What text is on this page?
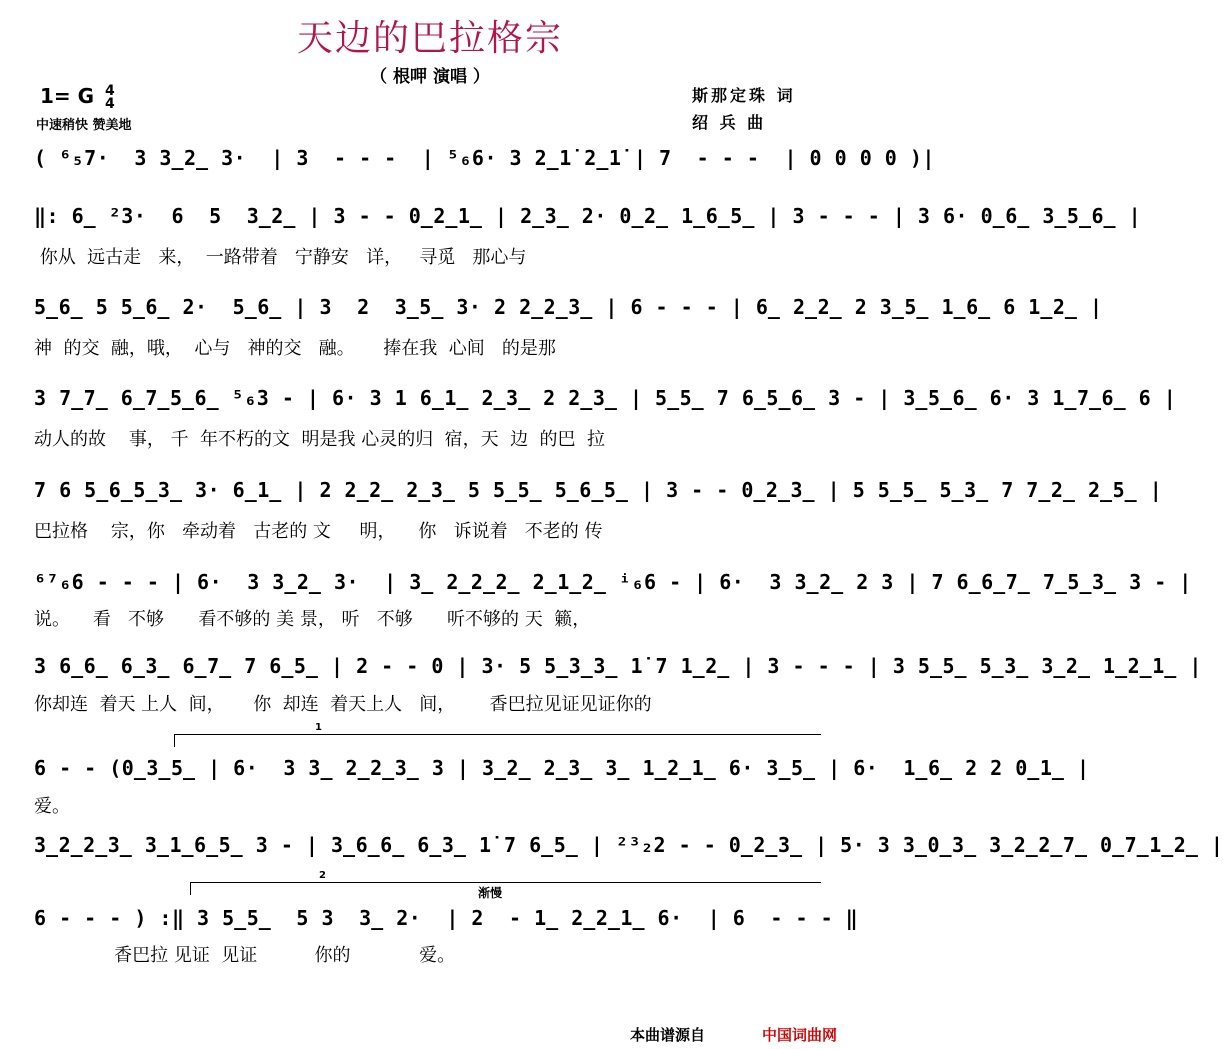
天边的巴拉格宗
（ 根呷 演唱 ）
1= G 4
4
中速稍快 赞美地
斯那定珠 词
绍 兵 曲
( ⁶₅7·  3 3̲2̲ 3·  | 3  - - -  | ⁵₆6· 3 2̲1̇ 2̲1̇ | 7  - - -  | 0 0 0 0 )|
‖: 6̲ ²3·  6  5  3̲2̲ | 3 - - 0̲2̲1̲ | 2̲3̲ 2· 0̲2̲ 1̲6̲5̲ | 3 - - - | 3 6· 0̲6̲ 3̲5̲6̲ |
你从  远古走   来，  一路带着   宁静安   详，   寻觅   那心与
5̲6̲ 5 5̲6̲ 2·  5̲6̲ | 3  2  3̲5̲ 3· 2 2̲2̲3̲ | 6 - - - | 6̲ 2̲2̲ 2 3̲5̲ 1̲6̲ 6 1̲2̲ |
神  的交  融，哦，  心与   神的交   融。     捧在我  心间   的是那
3 7̲7̲ 6̲7̲5̲6̲ ⁵₆3 - | 6· 3 1 6̲1̲ 2̲3̲ 2 2̲3̲ | 5̲5̲ 7 6̲5̲6̲ 3 - | 3̲5̲6̲ 6· 3 1̲7̲6̲ 6 |
动人的故    事， 千  年不朽的文  明是我 心灵的归  宿，天  边  的巴  拉
7 6 5̲6̲5̲3̲ 3· 6̲1̲ | 2 2̲2̲ 2̲3̲ 5 5̲5̲ 5̲6̲5̲ | 3 - - 0̲2̲3̲ | 5 5̲5̲ 5̲3̲ 7 7̲2̲ 2̲5̲ |
巴拉格    宗，你   牵动着   古老的 文     明，    你   诉说着   不老的 传
⁶⁷₆6 - - - | 6·  3 3̲2̲ 3·  | 3̲ 2̲2̲2̲ 2̲1̲2̲ ⁱ₆6 - | 6·  3 3̲2̲ 2 3 | 7 6̲6̲7̲ 7̲5̲3̲ 3 - |
说。    看   不够      看不够的 美 景， 听   不够      听不够的 天  籁，
3 6̲6̲ 6̲3̲ 6̲7̲ 7 6̲5̲ | 2 - - 0 | 3· 5 5̲3̲3̲ 1̇ 7 1̲2̲ | 3 - - - | 3 5̲5̲ 5̲3̲ 3̲2̲ 1̲2̲1̲ |
你却连  着天 上人  间，     你  却连  着天上人   间，      香巴拉见证见证你的
1
6 - - (0̲3̲5̲ | 6·  3 3̲ 2̲2̲3̲ 3 | 3̲2̲ 2̲3̲ 3̲ 1̲2̲1̲ 6· 3̲5̲ | 6·  1̲6̲ 2 2 0̲1̲ |
爱。
3̲2̲2̲3̲ 3̲1̲6̲5̲ 3 - | 3̲6̲6̲ 6̲3̲ 1̇ 7 6̲5̲ | ²³₂2 - - 0̲2̲3̲ | 5· 3 3̲0̲3̲ 3̲2̲2̲7̲ 0̲7̲1̲2̲ |
2
渐慢
6 - - - ) :‖ 3 5̲5̲  5 3  3̲ 2·  | 2  - 1̲ 2̲2̲1̲ 6·  | 6  - - - ‖
香巴拉 见证  见证          你的            爱。
本曲谱源自	中国词曲网
